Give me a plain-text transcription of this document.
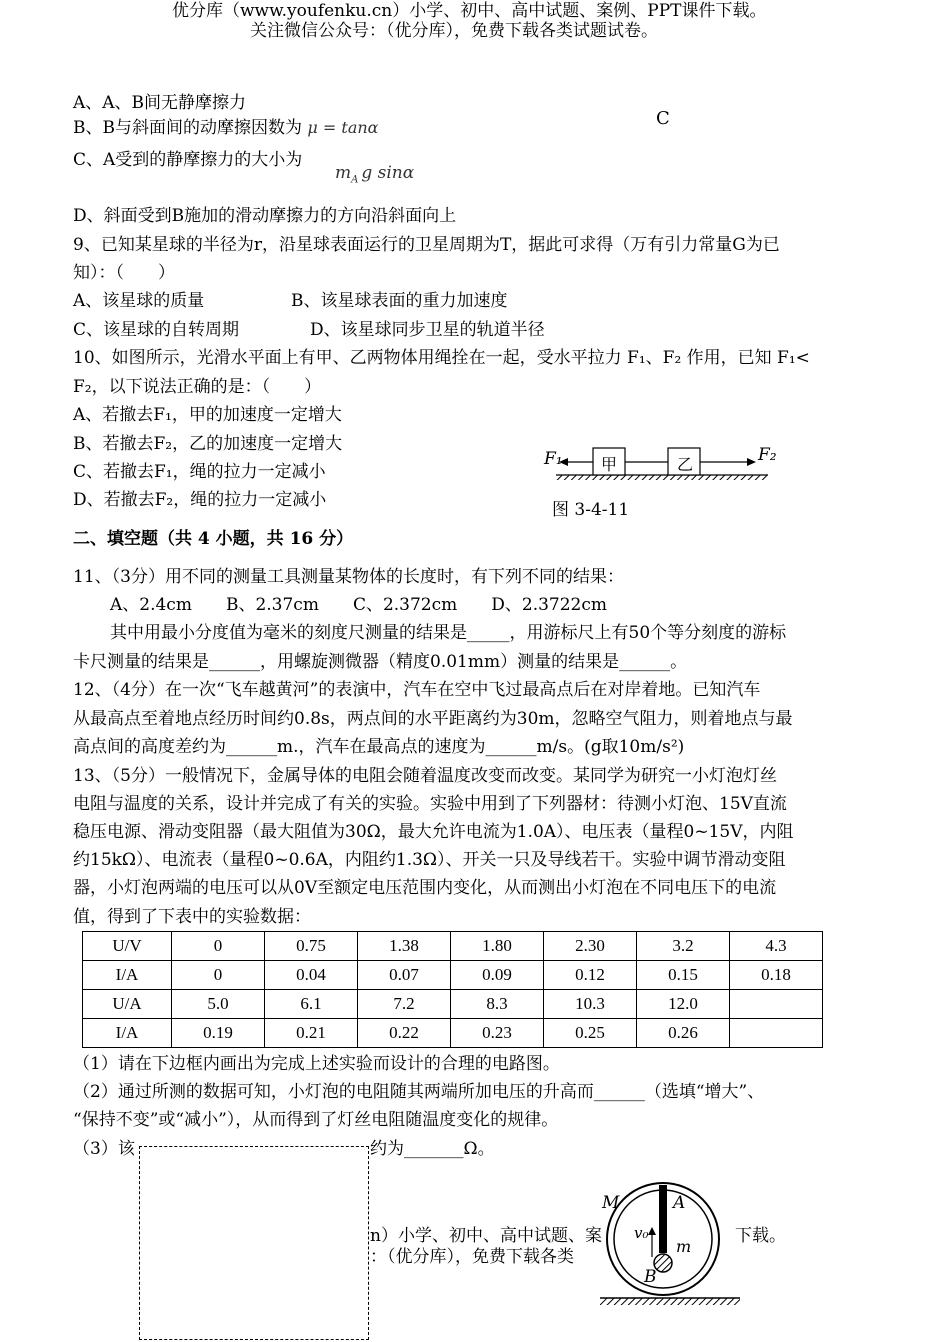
优分库（www.youfenku.cn）小学、初中、高中试题、案例、PPT课件下载。
关注微信公众号：（优分库），免费下载各类试题试卷。
A、A、B间无静摩擦力
B、B与斜面间的动摩擦因数为 μ = tanα	C
C、A受到的静摩擦力的大小为
$m_A$ g sinα
D、斜面受到B施加的滑动摩擦力的方向沿斜面向上
9、已知某星球的半径为r，沿星球表面运行的卫星周期为T，据此可求得（万有引力常量G为已
知）：（　　）
A、该星球的质量	B、该星球表面的重力加速度
C、该星球的自转周期	D、该星球同步卫星的轨道半径
10、如图所示，光滑水平面上有甲、乙两物体用绳拴在一起，受水平拉力 F₁、F₂ 作用，已知 F₁<
F₂，以下说法正确的是：（　　）
A、若撤去F₁，甲的加速度一定增大
B、若撤去F₂，乙的加速度一定增大
C、若撤去F₁，绳的拉力一定减小
D、若撤去F₂，绳的拉力一定减小
F₁	F₂
甲	乙
图 3-4-11
二、填空题（共 4 小题，共 16 分）
11、（3分）用不同的测量工具测量某物体的长度时，有下列不同的结果：
A、2.4cm　　B、2.37cm　　C、2.372cm　　D、2.3722cm
其中用最小分度值为毫米的刻度尺测量的结果是_____，用游标尺上有50个等分刻度的游标
卡尺测量的结果是______，用螺旋测微器（精度0.01mm）测量的结果是______。
12、（4分）在一次“飞车越黄河”的表演中，汽车在空中飞过最高点后在对岸着地。已知汽车
从最高点至着地点经历时间约0.8s，两点间的水平距离约为30m，忽略空气阻力，则着地点与最
高点间的高度差约为______m.，汽车在最高点的速度为______m/s。(g取10m/s²)
13、（5分）一般情况下，金属导体的电阻会随着温度改变而改变。某同学为研究一小灯泡灯丝
电阻与温度的关系，设计并完成了有关的实验。实验中用到了下列器材：待测小灯泡、15V直流
稳压电源、滑动变阻器（最大阻值为30Ω，最大允许电流为1.0A）、电压表（量程0~15V，内阻
约15kΩ）、电流表（量程0~0.6A，内阻约1.3Ω）、开关一只及导线若干。实验中调节滑动变阻
器，小灯泡两端的电压可以从0V至额定电压范围内变化，从而测出小灯泡在不同电压下的电流
值，得到了下表中的实验数据：
U/V	0	0.75	1.38	1.80	2.30	3.2	4.3
I/A	0	0.04	0.07	0.09	0.12	0.15	0.18
U/A	5.0	6.1	7.2	8.3	10.3	12.0	
I/A	0.19	0.21	0.22	0.23	0.25	0.26	
（1）请在下边框内画出为完成上述实验而设计的合理的电路图。
（2）通过所测的数据可知，小灯泡的电阻随其两端所加电压的升高而______（选填“增大”、
“保持不变”或“减小”），从而得到了灯丝电阻随温度变化的规律。
（3）该	约为_______Ω。
n）小学、初中、高中试题、案	下载。
：（优分库），免费下载各类
M	A
v₀
m
B
